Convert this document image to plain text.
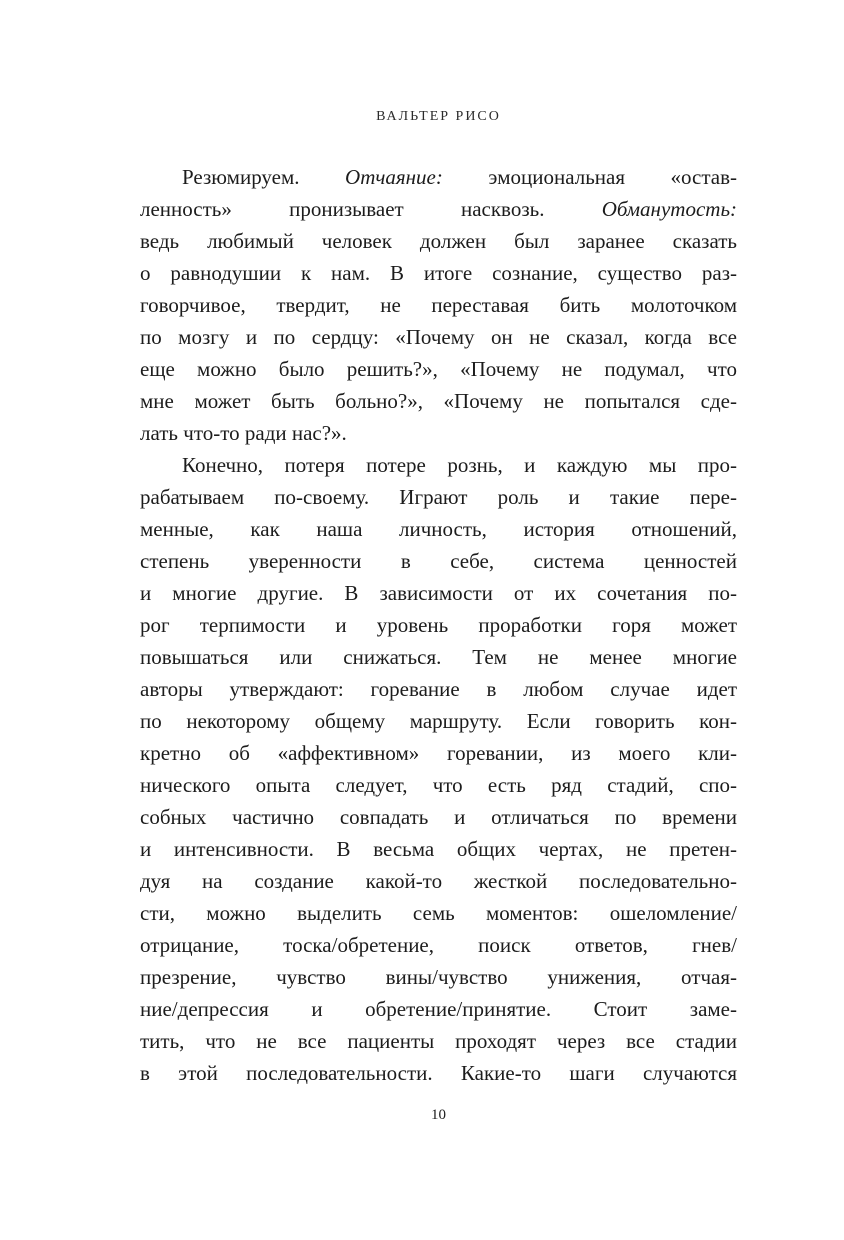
ВАЛЬТЕР РИСО
Резюмируем. Отчаяние: эмоциональная «остав-
ленность» пронизывает насквозь. Обманутость:
ведь любимый человек должен был заранее сказать
о равнодушии к нам. В итоге сознание, существо раз-
говорчивое, твердит, не переставая бить молоточком
по мозгу и по сердцу: «Почему он не сказал, когда все
еще можно было решить?», «Почему не подумал, что
мне может быть больно?», «Почему не попытался сде-
лать что-то ради нас?».
Конечно, потеря потере рознь, и каждую мы про-
рабатываем по-своему. Играют роль и такие пере-
менные, как наша личность, история отношений,
степень уверенности в себе, система ценностей
и многие другие. В зависимости от их сочетания по-
рог терпимости и уровень проработки горя может
повышаться или снижаться. Тем не менее многие
авторы утверждают: горевание в любом случае идет
по некоторому общему маршруту. Если говорить кон-
кретно об «аффективном» горевании, из моего кли-
нического опыта следует, что есть ряд стадий, спо-
собных частично совпадать и отличаться по времени
и интенсивности. В весьма общих чертах, не претен-
дуя на создание какой-то жесткой последовательно-
сти, можно выделить семь моментов: ошеломление/
отрицание, тоска/обретение, поиск ответов, гнев/
презрение, чувство вины/чувство унижения, отчая-
ние/депрессия и обретение/принятие. Стоит заме-
тить, что не все пациенты проходят через все стадии
в этой последовательности. Какие-то шаги случаются
10
